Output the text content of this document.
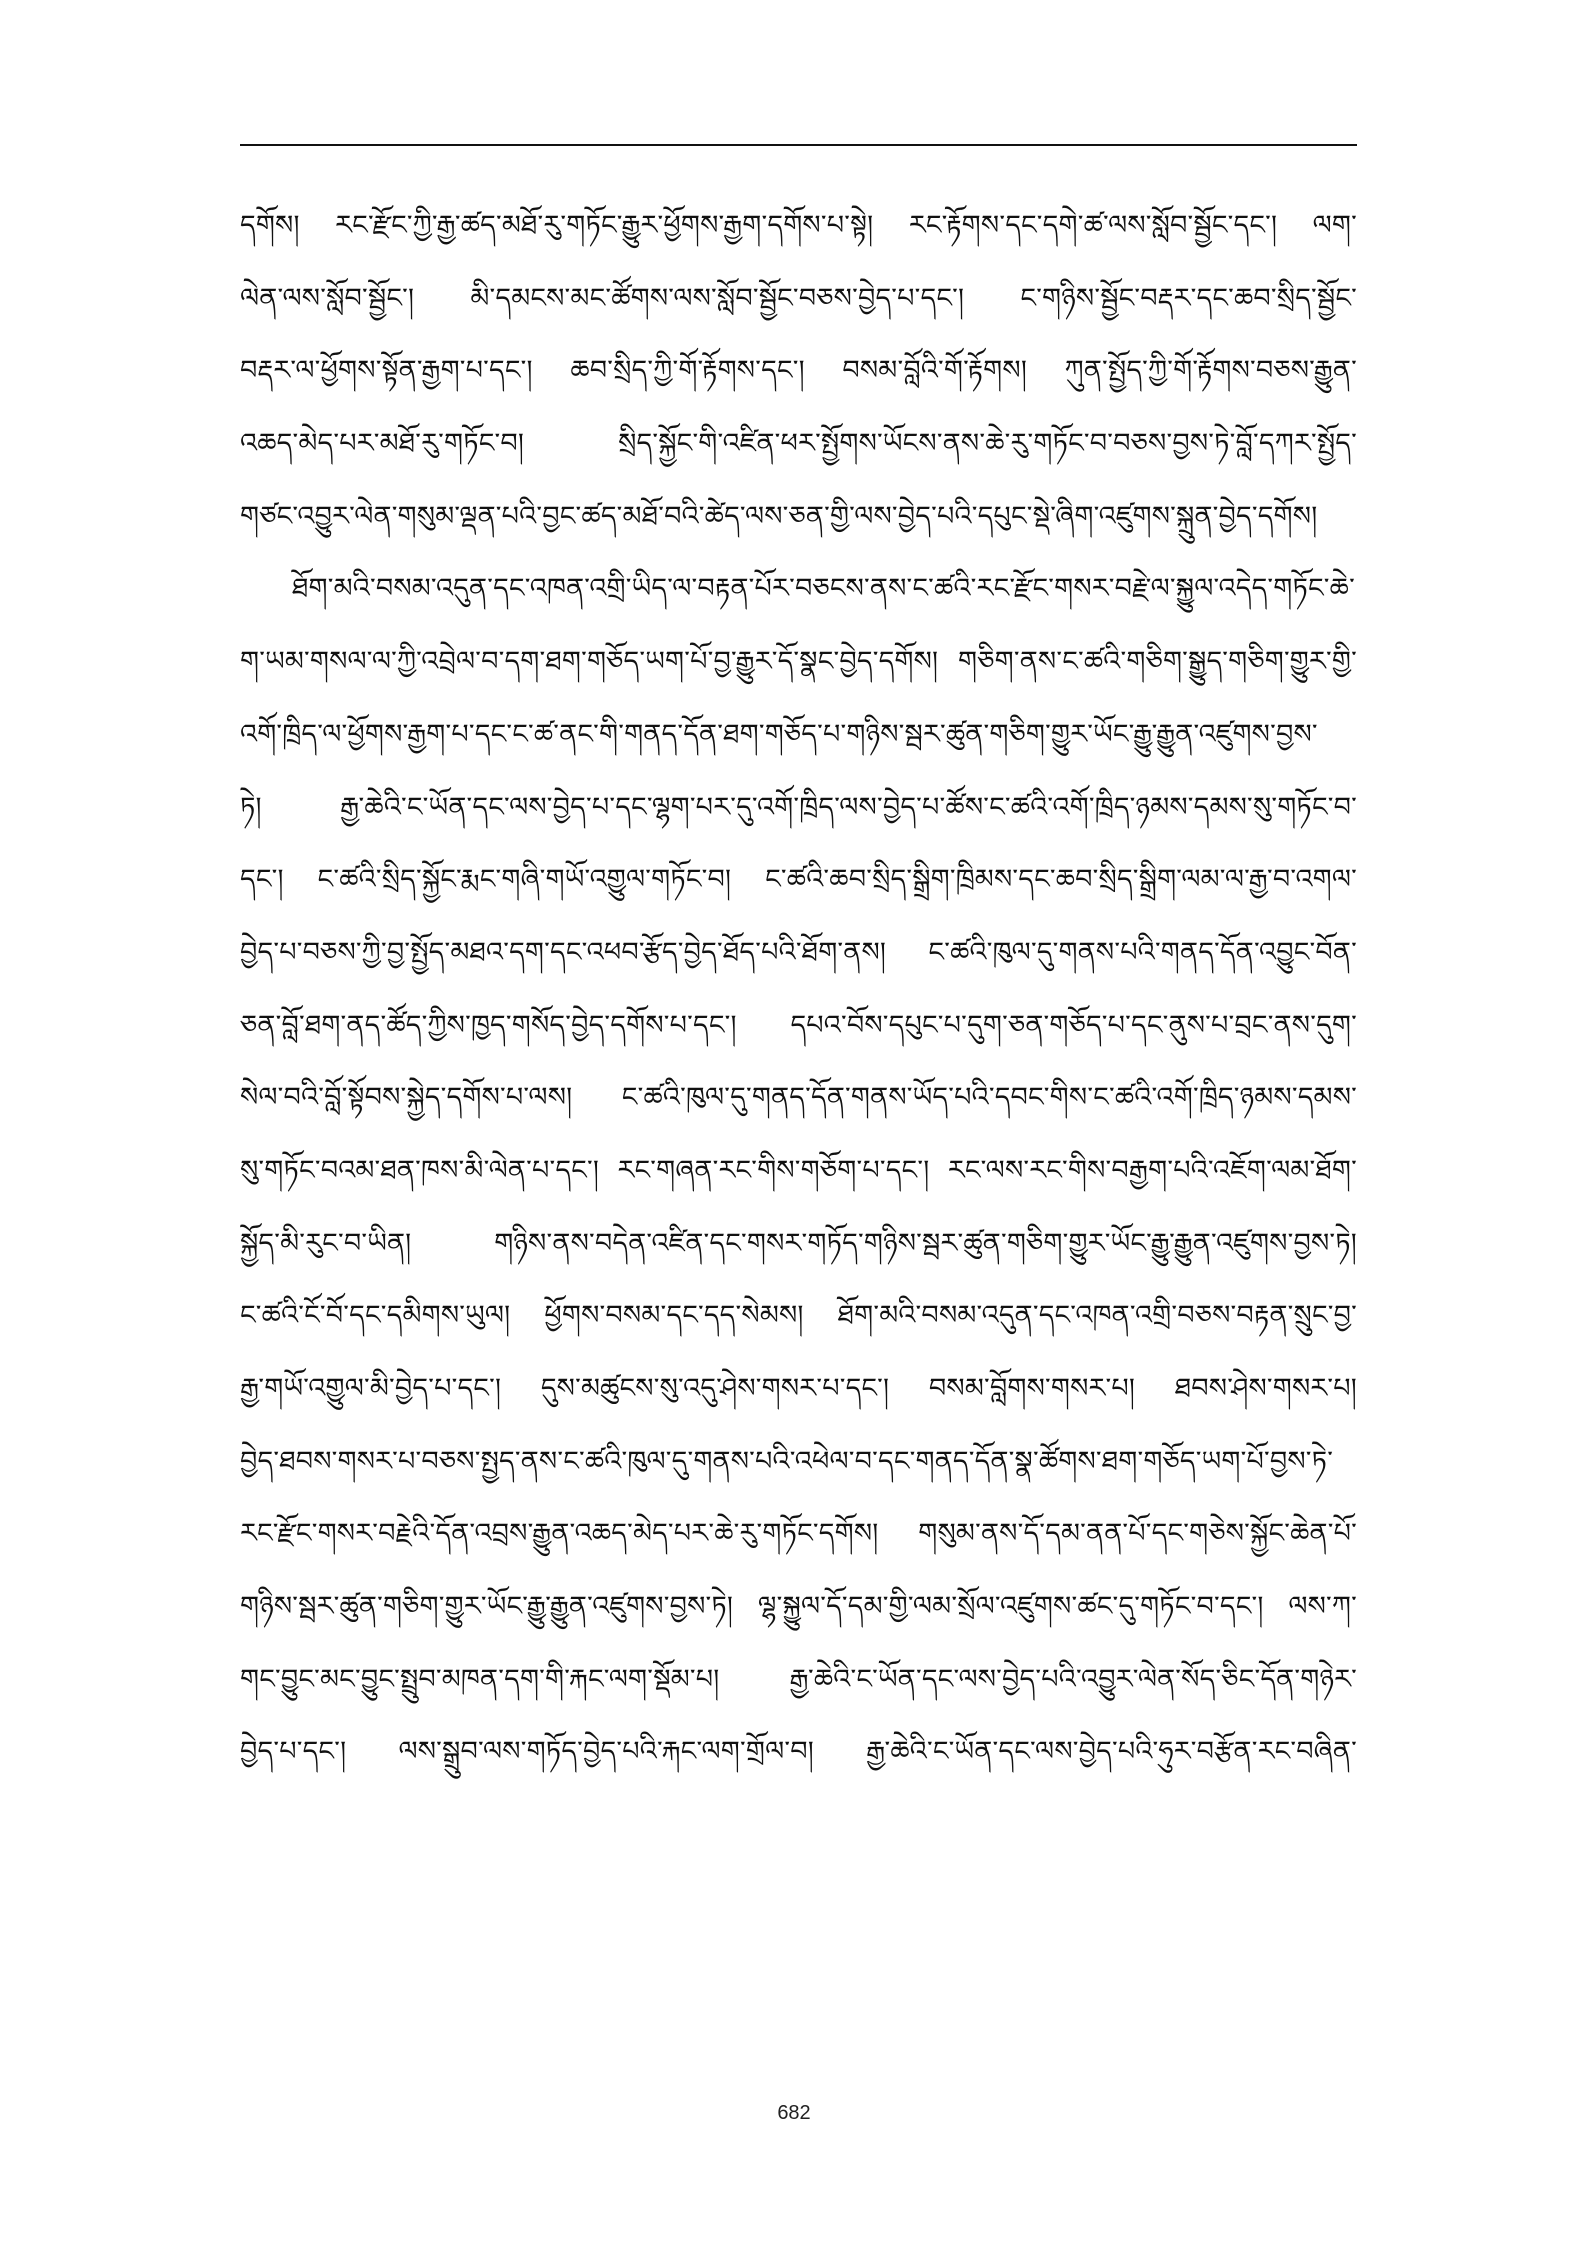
དགོས། རང་རྫོང་ཀྱི་རྒྱ་ཚད་མཐོ་རུ་གཏོང་རྒྱུར་ཕྱོགས་རྒྱག་དགོས་པ་སྟེ། རང་རྟོགས་དང་དགེ་ཚ་ལས་སློབ་སྦྱོང་དང་། ལག་
ལེན་ལས་སློབ་སྦྱོང་། མི་དམངས་མང་ཚོགས་ལས་སློབ་སྦྱོང་བཅས་བྱེད་པ་དང་། ང་གཉིས་སྦྱོང་བརྡར་དང་ཆབ་སྲིད་སྦྱོང་
བརྡར་ལ་ཕྱོགས་སྟོན་རྒྱག་པ་དང་། ཆབ་སྲིད་ཀྱི་གོ་རྟོགས་དང་། བསམ་བློའི་གོ་རྟོགས། ཀུན་སྤྱོད་ཀྱི་གོ་རྟོགས་བཅས་རྒྱུན་
འཆད་མེད་པར་མཐོ་རུ་གཏོང་བ། སྲིད་སྐྱོང་གི་འཛིན་ཕར་སྤྱོགས་ཡོངས་ནས་ཆེ་རུ་གཏོང་བ་བཅས་བྱས་ཏེ་བློ་དཀར་སྤྱོད་
གཙང་འབྱུར་ལེན་གསུམ་ལྡན་པའི་བྱང་ཚད་མཐོ་བའི་ཚེད་ལས་ཅན་གྱི་ལས་བྱེད་པའི་དཔུང་སྡེ་ཞིག་འཛུགས་སྐྲུན་བྱེད་དགོས།
ཐོག་མའི་བསམ་འདུན་དང་འཁན་འགྲི་ཡིད་ལ་བརྟན་པོར་བཅངས་ནས་ང་ཚའི་རང་རྫོང་གསར་བརྗེ་ལ་སྐྱུལ་འདེད་གཏོང་ཆེ་
ག་ཡམ་གསལ་ལ་ཀྱི་འབྲེལ་བ་དག་ཐག་གཅོད་ཡག་པོ་བྱ་རྒྱུར་དོ་སྣང་བྱེད་དགོས། གཅིག་ནས་ང་ཚའི་གཅིག་སྒྱུད་གཅིག་གྱུར་གྱི་
འགོ་ཁྲིད་ལ་ཕྱོགས་རྒྱག་པ་དང་ང་ཚ་ནང་གི་གནད་དོན་ཐག་གཅོད་པ་གཉིས་སྦར་ཚུན་གཅིག་གྱུར་ཡོང་རྒྱུ་རྒྱུན་འཛུགས་བྱས་
ཏེ། རྒྱ་ཆེའི་ང་ཡོན་དང་ལས་བྱེད་པ་དང་ལྷག་པར་དུ་འགོ་ཁྲིད་ལས་བྱེད་པ་ཚོས་ང་ཚའི་འགོ་ཁྲིད་ཉམས་དམས་སུ་གཏོང་བ་
དང་། ང་ཚའི་སྲིད་སྐྱོང་རྨང་གཞི་གཡོ་འགྱུལ་གཏོང་བ། ང་ཚའི་ཆབ་སྲིད་སྒྲིག་ཁྲིམས་དང་ཆབ་སྲིད་སྒྲིག་ལམ་ལ་རྒྱ་བ་འགལ་
བྱེད་པ་བཅས་ཀྱི་བྱ་སྤྱོད་མཐའ་དག་དང་འཕབ་རྩོད་བྱེད་ཐོད་པའི་ཐོག་ནས། ང་ཚའི་ཁུལ་དུ་གནས་པའི་གནད་དོན་འབྱུང་བོན་
ཅན་བློ་ཐག་ནད་ཚོད་ཀྱིས་ཁྱད་གསོད་བྱེད་དགོས་པ་དང་། དཔའ་བོས་དཔུང་པ་དུག་ཅན་གཅོད་པ་དང་ནུས་པ་བྲང་ནས་དུག་
སེལ་བའི་བློ་སྟོབས་སྐྱེད་དགོས་པ་ལས། ང་ཚའི་ཁུལ་དུ་གནད་དོན་གནས་ཡོད་པའི་དབང་གིས་ང་ཚའི་འགོ་ཁྲིད་ཉམས་དམས་
སུ་གཏོང་བའམ་ཐན་ཁས་མི་ལེན་པ་དང་། རང་གཞན་རང་གིས་གཅོག་པ་དང་། རང་ལས་རང་གིས་བརྒྱག་པའི་འཇོག་ལམ་ཐོག་
སྐྱོད་མི་རུང་བ་ཡིན། གཉིས་ནས་བདེན་འཛིན་དང་གསར་གཏོད་གཉིས་སྦར་ཚུན་གཅིག་གྱུར་ཡོང་རྒྱུ་རྒྱུན་འཛུགས་བྱས་ཏེ།
ང་ཚའི་ངོ་བོ་དང་དམིགས་ཡུལ། ཕྱོགས་བསམ་དང་དད་སེམས། ཐོག་མའི་བསམ་འདུན་དང་འཁན་འགྲི་བཅས་བརྟན་སྲུང་བྱ་
རྒྱ་གཡོ་འགྱུལ་མི་བྱེད་པ་དང་། དུས་མཚུངས་སུ་འདུ་ཤེས་གསར་པ་དང་། བསམ་བློགས་གསར་པ། ཐབས་ཤེས་གསར་པ།
བྱེད་ཐབས་གསར་པ་བཅས་སྤྱད་ནས་ང་ཚའི་ཁུལ་དུ་གནས་པའི་འཕེལ་བ་དང་གནད་དོན་སྣ་ཚོགས་ཐག་གཅོད་ཡག་པོ་བྱས་ཏེ་
རང་རྫོང་གསར་བརྗེའི་དོན་འབྲས་རྒྱུན་འཆད་མེད་པར་ཆེ་རུ་གཏོང་དགོས། གསུམ་ནས་དོ་དམ་ནན་པོ་དང་གཅེས་སྐྱོང་ཆེན་པོ་
གཉིས་སྦར་ཚུན་གཅིག་གྱུར་ཡོང་རྒྱུ་རྒྱུན་འཛུགས་བྱས་ཏེ། ལྷ་སྐྱུལ་དོ་དམ་གྱི་ལམ་སྲོལ་འཛུགས་ཚང་དུ་གཏོང་བ་དང་། ལས་ཀ་
གང་བྱུང་མང་བྱུང་སྤྲུབ་མཁན་དག་གི་རྐང་ལག་སྡོམ་པ། རྒྱ་ཆེའི་ང་ཡོན་དང་ལས་བྱེད་པའི་འབྱུར་ལེན་སོད་ཅིང་དོན་གཉེར་
བྱེད་པ་དང་། ལས་སྒྲུབ་ལས་གཏོད་བྱེད་པའི་རྐང་ལག་གྲོལ་བ། རྒྱ་ཆེའི་ང་ཡོན་དང་ལས་བྱེད་པའི་ཧུར་བརྩོན་རང་བཞིན་
682
